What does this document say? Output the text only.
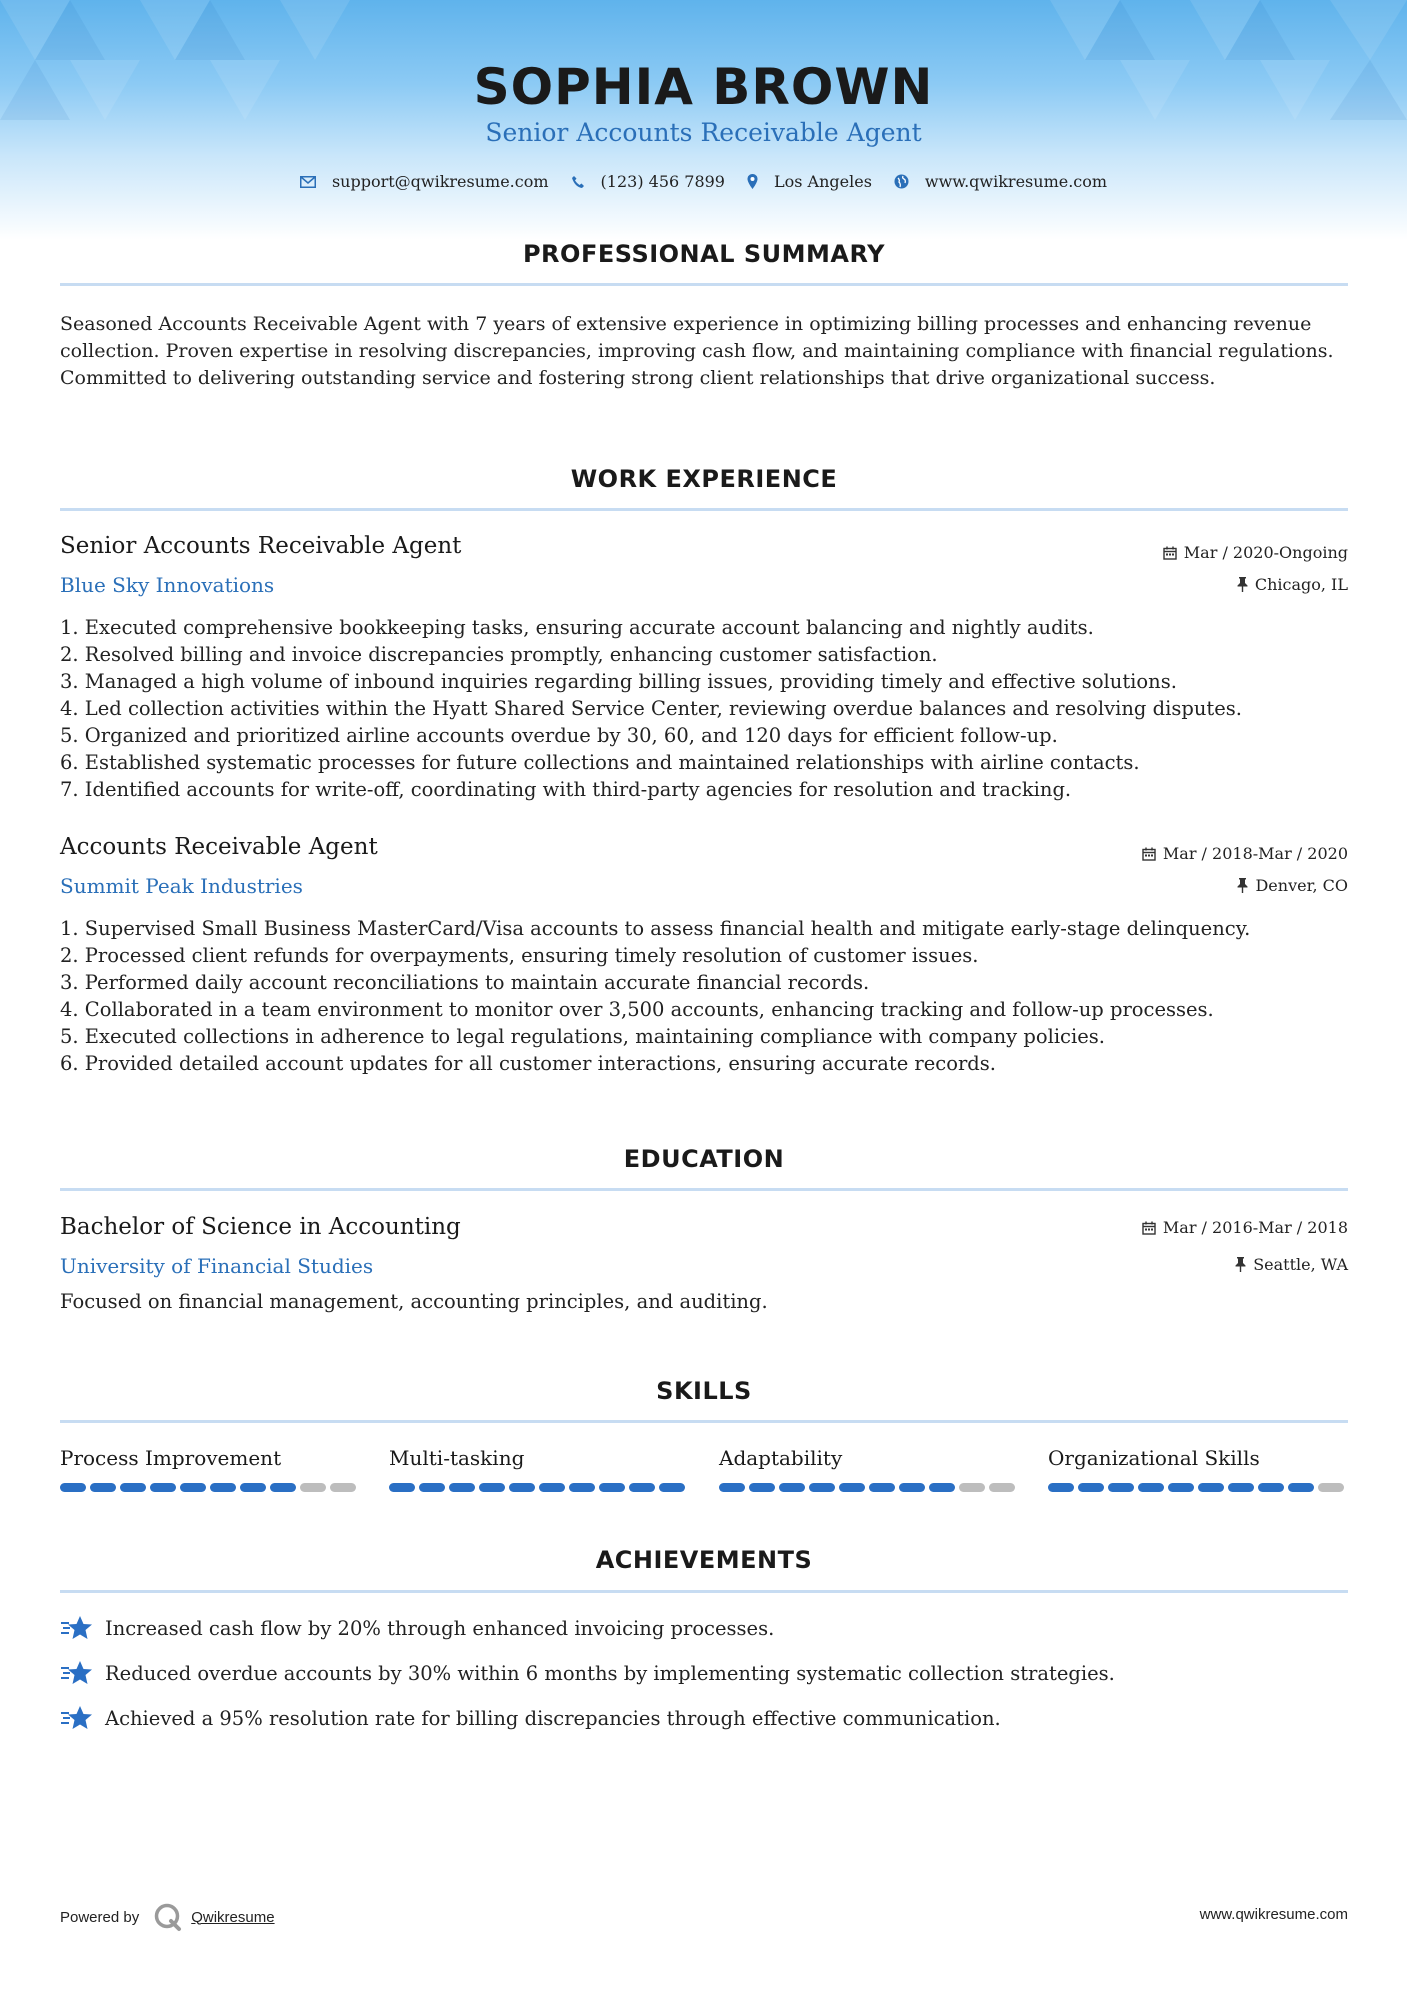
SOPHIA BROWN
Senior Accounts Receivable Agent
support@qwikresume.com	(123) 456 7899	Los Angeles	www.qwikresume.com
PROFESSIONAL SUMMARY
Seasoned Accounts Receivable Agent with 7 years of extensive experience in optimizing billing processes and enhancing revenue collection. Proven expertise in resolving discrepancies, improving cash flow, and maintaining compliance with financial regulations. Committed to delivering outstanding service and fostering strong client relationships that drive organizational success.
WORK EXPERIENCE
Senior Accounts Receivable Agent	Mar / 2020-Ongoing
Blue Sky Innovations	Chicago, IL
1. Executed comprehensive bookkeeping tasks, ensuring accurate account balancing and nightly audits.
2. Resolved billing and invoice discrepancies promptly, enhancing customer satisfaction.
3. Managed a high volume of inbound inquiries regarding billing issues, providing timely and effective solutions.
4. Led collection activities within the Hyatt Shared Service Center, reviewing overdue balances and resolving disputes.
5. Organized and prioritized airline accounts overdue by 30, 60, and 120 days for efficient follow-up.
6. Established systematic processes for future collections and maintained relationships with airline contacts.
7. Identified accounts for write-off, coordinating with third-party agencies for resolution and tracking.
Accounts Receivable Agent	Mar / 2018-Mar / 2020
Summit Peak Industries	Denver, CO
1. Supervised Small Business MasterCard/Visa accounts to assess financial health and mitigate early-stage delinquency.
2. Processed client refunds for overpayments, ensuring timely resolution of customer issues.
3. Performed daily account reconciliations to maintain accurate financial records.
4. Collaborated in a team environment to monitor over 3,500 accounts, enhancing tracking and follow-up processes.
5. Executed collections in adherence to legal regulations, maintaining compliance with company policies.
6. Provided detailed account updates for all customer interactions, ensuring accurate records.
EDUCATION
Bachelor of Science in Accounting	Mar / 2016-Mar / 2018
University of Financial Studies	Seattle, WA
Focused on financial management, accounting principles, and auditing.
SKILLS
Process Improvement	Multi-tasking	Adaptability	Organizational Skills
ACHIEVEMENTS
Increased cash flow by 20% through enhanced invoicing processes.
Reduced overdue accounts by 30% within 6 months by implementing systematic collection strategies.
Achieved a 95% resolution rate for billing discrepancies through effective communication.
Powered by	Qwikresume	www.qwikresume.com
